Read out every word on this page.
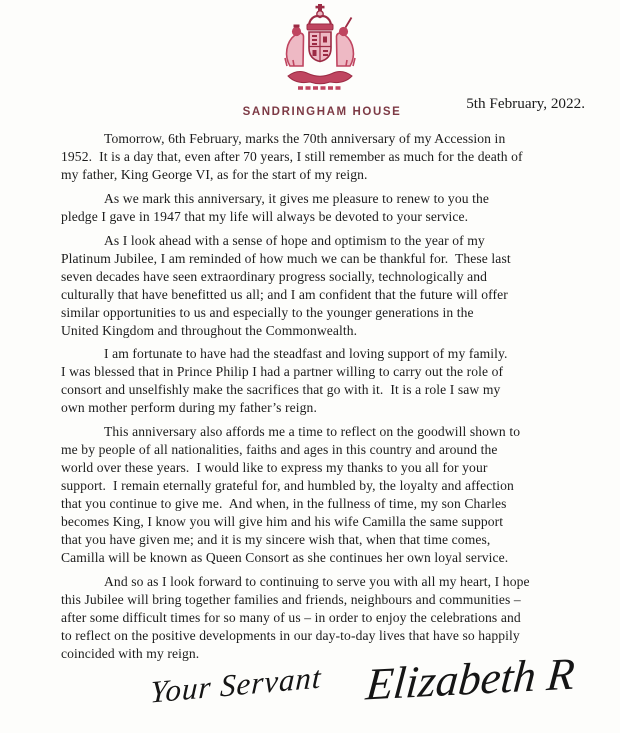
SANDRINGHAM HOUSE	5th February, 2022.

Tomorrow, 6th February, marks the 70th anniversary of my Accession in
1952.  It is a day that, even after 70 years, I still remember as much for the death of
my father, King George VI, as for the start of my reign.

As we mark this anniversary, it gives me pleasure to renew to you the
pledge I gave in 1947 that my life will always be devoted to your service.

As I look ahead with a sense of hope and optimism to the year of my
Platinum Jubilee, I am reminded of how much we can be thankful for.  These last
seven decades have seen extraordinary progress socially, technologically and
culturally that have benefitted us all; and I am confident that the future will offer
similar opportunities to us and especially to the younger generations in the
United Kingdom and throughout the Commonwealth.

I am fortunate to have had the steadfast and loving support of my family.
I was blessed that in Prince Philip I had a partner willing to carry out the role of
consort and unselfishly make the sacrifices that go with it.  It is a role I saw my
own mother perform during my father’s reign.

This anniversary also affords me a time to reflect on the goodwill shown to
me by people of all nationalities, faiths and ages in this country and around the
world over these years.  I would like to express my thanks to you all for your
support.  I remain eternally grateful for, and humbled by, the loyalty and affection
that you continue to give me.  And when, in the fullness of time, my son Charles
becomes King, I know you will give him and his wife Camilla the same support
that you have given me; and it is my sincere wish that, when that time comes,
Camilla will be known as Queen Consort as she continues her own loyal service.

And so as I look forward to continuing to serve you with all my heart, I hope
this Jubilee will bring together families and friends, neighbours and communities –
after some difficult times for so many of us – in order to enjoy the celebrations and
to reflect on the positive developments in our day-to-day lives that have so happily
coincided with my reign.

Your Servant Elizabeth R
